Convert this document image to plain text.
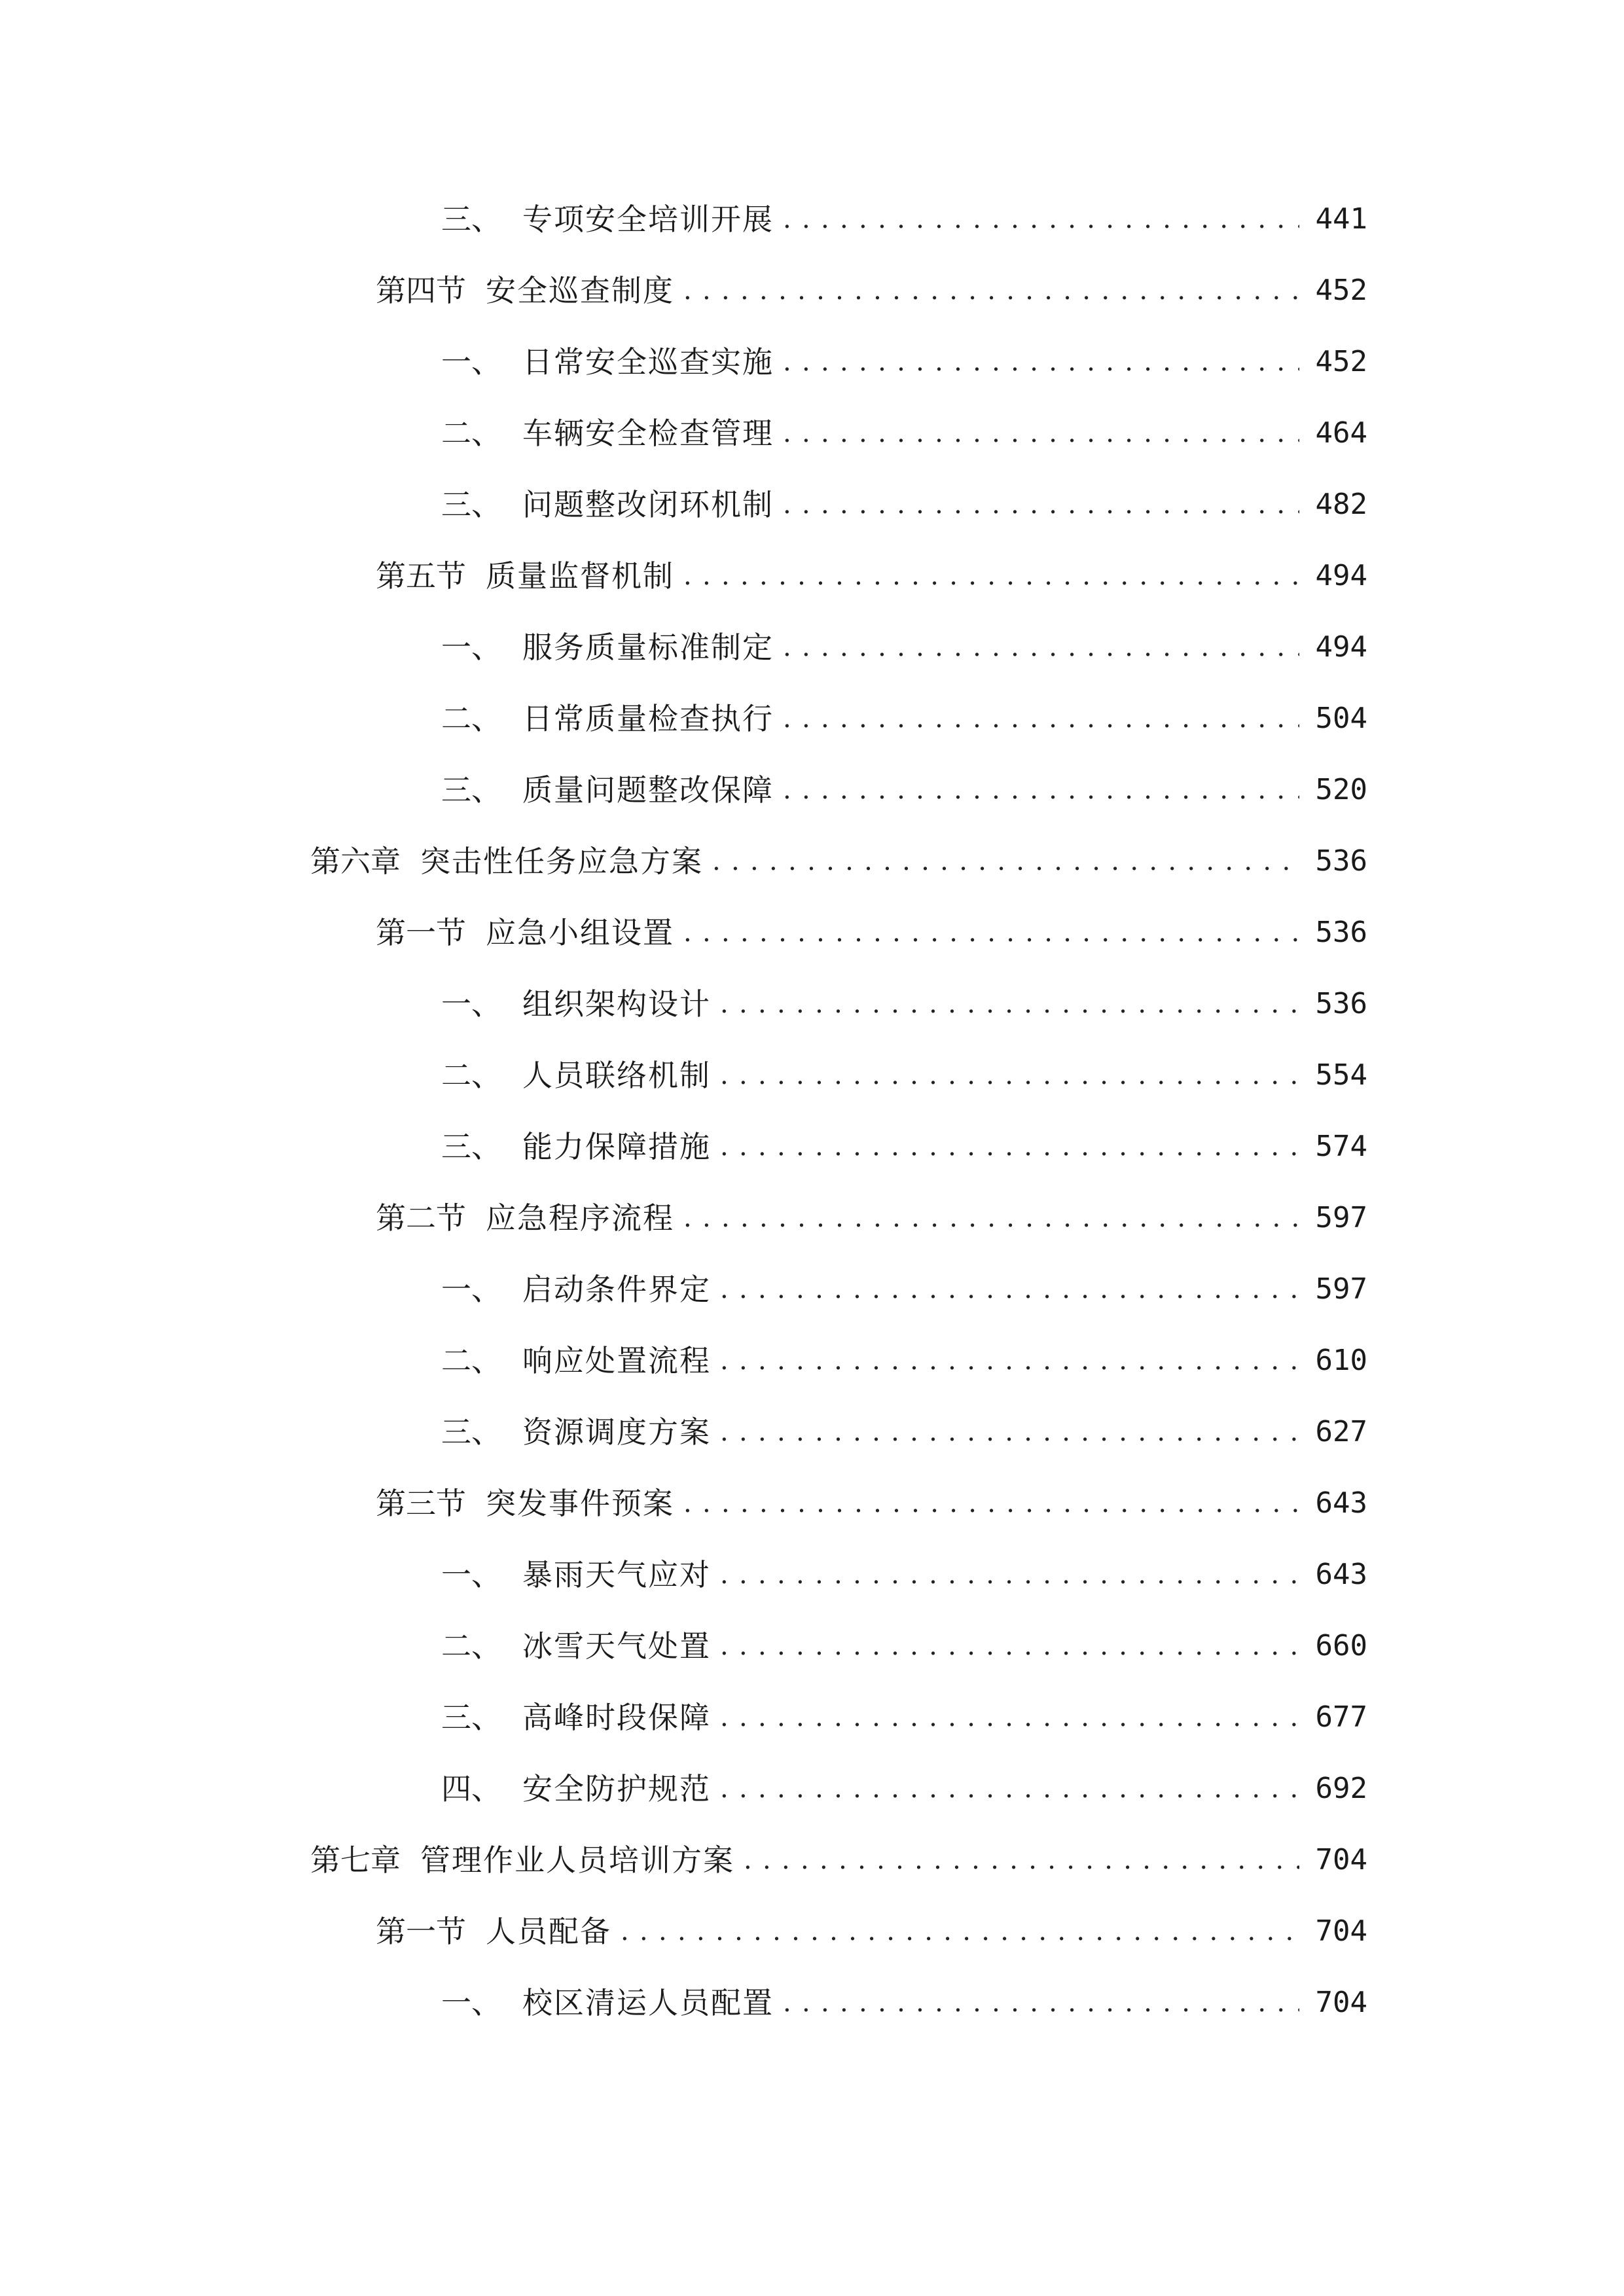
三、 专项安全培训开展 .....	441
第四节 安全巡查制度 .....	452
一、 日常安全巡查实施 .....	452
二、 车辆安全检查管理 .....	464
三、 问题整改闭环机制 .....	482
第五节 质量监督机制 .....	494
一、 服务质量标准制定 .....	494
二、 日常质量检查执行 .....	504
三、 质量问题整改保障 .....	520
第六章 突击性任务应急方案 .....	536
第一节 应急小组设置 .....	536
一、 组织架构设计 .....	536
二、 人员联络机制 .....	554
三、 能力保障措施 .....	574
第二节 应急程序流程 .....	597
一、 启动条件界定 .....	597
二、 响应处置流程 .....	610
三、 资源调度方案 .....	627
第三节 突发事件预案 .....	643
一、 暴雨天气应对 .....	643
二、 冰雪天气处置 .....	660
三、 高峰时段保障 .....	677
四、 安全防护规范 .....	692
第七章 管理作业人员培训方案 .....	704
第一节 人员配备 .....	704
一、 校区清运人员配置 .....	704
